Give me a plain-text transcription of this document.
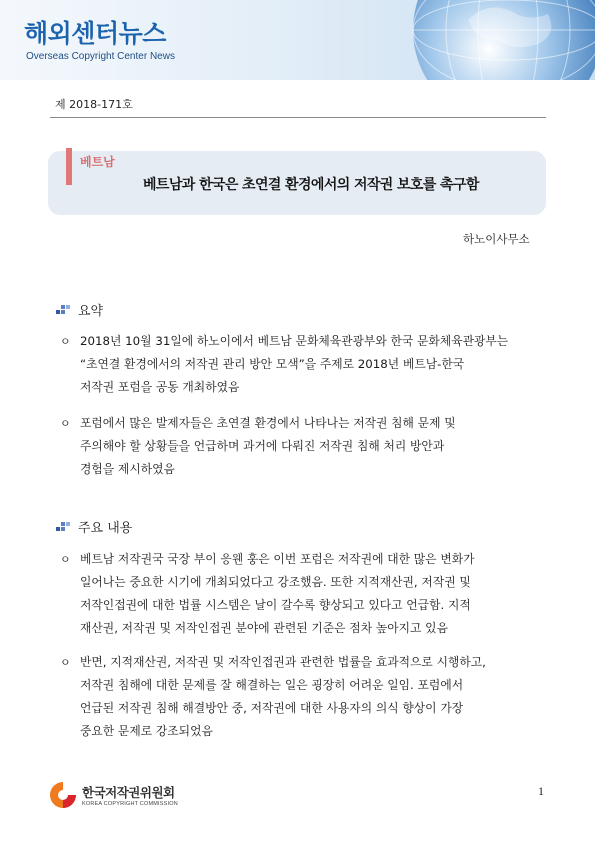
해외센터뉴스
Overseas Copyright Center News
제 2018-171호
베트남
베트남과 한국은 초연결 환경에서의 저작권 보호를 촉구함
하노이사무소
요약
ㅇ 2018년 10월 31일에 하노이에서 베트남 문화체육관광부와 한국 문화체육관광부는
“초연결 환경에서의 저작권 관리 방안 모색”을 주제로 2018년 베트남-한국
저작권 포럼을 공동 개최하였음
ㅇ 포럼에서 많은 발제자들은 초연결 환경에서 나타나는 저작권 침해 문제 및
주의해야 할 상황들을 언급하며 과거에 다뤄진 저작권 침해 처리 방안과
경험을 제시하였음
주요 내용
ㅇ 베트남 저작권국 국장 부이 응웬 훙은 이번 포럼은 저작권에 대한 많은 변화가
일어나는 중요한 시기에 개최되었다고 강조했음. 또한 지적재산권, 저작권 및
저작인접권에 대한 법률 시스템은 날이 갈수록 향상되고 있다고 언급함. 지적
재산권, 저작권 및 저작인접권 분야에 관련된 기준은 점차 높아지고 있음
ㅇ 반면, 지적재산권, 저작권 및 저작인접권과 관련한 법률을 효과적으로 시행하고,
저작권 침해에 대한 문제를 잘 해결하는 일은 굉장히 어려운 일임. 포럼에서
언급된 저작권 침해 해결방안 중, 저작권에 대한 사용자의 의식 향상이 가장
중요한 문제로 강조되었음
한국저작권위원회
KOREA COPYRIGHT COMMISSION
1
